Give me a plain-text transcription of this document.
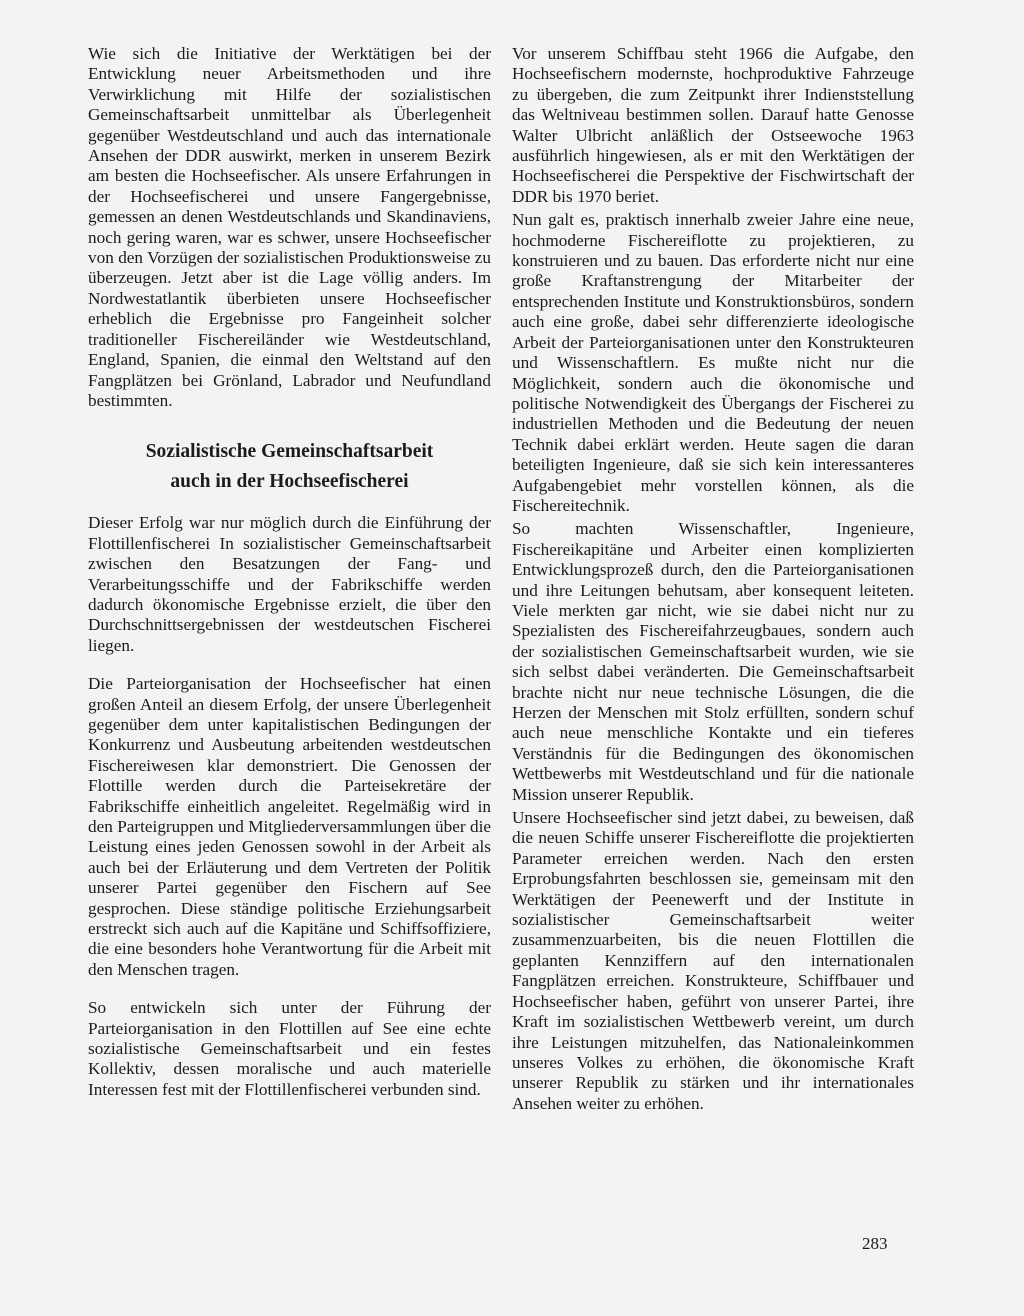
Wie sich die Initiative der Werktätigen bei der Entwicklung neuer Arbeitsmethoden und ihre Verwirklichung mit Hilfe der sozialistischen Gemeinschaftsarbeit unmittelbar als Überlegenheit gegenüber Westdeutschland und auch das internationale Ansehen der DDR auswirkt, merken in unserem Bezirk am besten die Hochseefischer. Als unsere Erfahrungen in der Hochseefischerei und unsere Fangergebnisse, gemessen an denen Westdeutschlands und Skandinaviens, noch gering waren, war es schwer, unsere Hochseefischer von den Vorzügen der sozialistischen Produktionsweise zu überzeugen. Jetzt aber ist die Lage völlig anders. Im Nordwestatlantik überbieten unsere Hochseefischer erheblich die Ergebnisse pro Fangeinheit solcher traditioneller Fischereiländer wie Westdeutschland, England, Spanien, die einmal den Weltstand auf den Fangplätzen bei Grönland, Labrador und Neufundland bestimmten.

Sozialistische Gemeinschaftsarbeit
auch in der Hochseefischerei

Dieser Erfolg war nur möglich durch die Einführung der Flottillenfischerei In sozialistischer Gemeinschaftsarbeit zwischen den Besatzungen der Fang- und Verarbeitungsschiffe und der Fabrikschiffe werden dadurch ökonomische Ergebnisse erzielt, die über den Durchschnittsergebnissen der westdeutschen Fischerei liegen.

Die Parteiorganisation der Hochseefischer hat einen großen Anteil an diesem Erfolg, der unsere Überlegenheit gegenüber dem unter kapitalistischen Bedingungen der Konkurrenz und Ausbeutung arbeitenden westdeutschen Fischereiwesen klar demonstriert. Die Genossen der Flottille werden durch die Parteisekretäre der Fabrikschiffe einheitlich angeleitet. Regelmäßig wird in den Parteigruppen und Mitgliederversammlungen über die Leistung eines jeden Genossen sowohl in der Arbeit als auch bei der Erläuterung und dem Vertreten der Politik unserer Partei gegenüber den Fischern auf See gesprochen. Diese ständige politische Erziehungsarbeit erstreckt sich auch auf die Kapitäne und Schiffsoffiziere, die eine besonders hohe Verantwortung für die Arbeit mit den Menschen tragen.

So entwickeln sich unter der Führung der Parteiorganisation in den Flottillen auf See eine echte sozialistische Gemeinschaftsarbeit und ein festes Kollektiv, dessen moralische und auch materielle Interessen fest mit der Flottillenfischerei verbunden sind.

Vor unserem Schiffbau steht 1966 die Aufgabe, den Hochseefischern modernste, hochproduktive Fahrzeuge zu übergeben, die zum Zeitpunkt ihrer Indienststellung das Weltniveau bestimmen sollen. Darauf hatte Genosse Walter Ulbricht anläßlich der Ostseewoche 1963 ausführlich hingewiesen, als er mit den Werktätigen der Hochseefischerei die Perspektive der Fischwirtschaft der DDR bis 1970 beriet.

Nun galt es, praktisch innerhalb zweier Jahre eine neue, hochmoderne Fischereiflotte zu projektieren, zu konstruieren und zu bauen. Das erforderte nicht nur eine große Kraftanstrengung der Mitarbeiter der entsprechenden Institute und Konstruktionsbüros, sondern auch eine große, dabei sehr differenzierte ideologische Arbeit der Parteiorganisationen unter den Konstrukteuren und Wissenschaftlern. Es mußte nicht nur die Möglichkeit, sondern auch die ökonomische und politische Notwendigkeit des Übergangs der Fischerei zu industriellen Methoden und die Bedeutung der neuen Technik dabei erklärt werden. Heute sagen die daran beteiligten Ingenieure, daß sie sich kein interessanteres Aufgabengebiet mehr vorstellen können, als die Fischereitechnik.

So machten Wissenschaftler, Ingenieure, Fischereikapitäne und Arbeiter einen komplizierten Entwicklungsprozeß durch, den die Parteiorganisationen und ihre Leitungen behutsam, aber konsequent leiteten. Viele merkten gar nicht, wie sie dabei nicht nur zu Spezialisten des Fischereifahrzeugbaues, sondern auch der sozialistischen Gemeinschaftsarbeit wurden, wie sie sich selbst dabei veränderten. Die Gemeinschaftsarbeit brachte nicht nur neue technische Lösungen, die die Herzen der Menschen mit Stolz erfüllten, sondern schuf auch neue menschliche Kontakte und ein tieferes Verständnis für die Bedingungen des ökonomischen Wettbewerbs mit Westdeutschland und für die nationale Mission unserer Republik.

Unsere Hochseefischer sind jetzt dabei, zu beweisen, daß die neuen Schiffe unserer Fischereiflotte die projektierten Parameter erreichen werden. Nach den ersten Erprobungsfahrten beschlossen sie, gemeinsam mit den Werktätigen der Peenewerft und der Institute in sozialistischer Gemeinschaftsarbeit weiter zusammenzuarbeiten, bis die neuen Flottillen die geplanten Kennziffern auf den internationalen Fangplätzen erreichen. Konstrukteure, Schiffbauer und Hochseefischer haben, geführt von unserer Partei, ihre Kraft im sozialistischen Wettbewerb vereint, um durch ihre Leistungen mitzuhelfen, das Nationaleinkommen unseres Volkes zu erhöhen, die ökonomische Kraft unserer Republik zu stärken und ihr internationales Ansehen weiter zu erhöhen.

283
